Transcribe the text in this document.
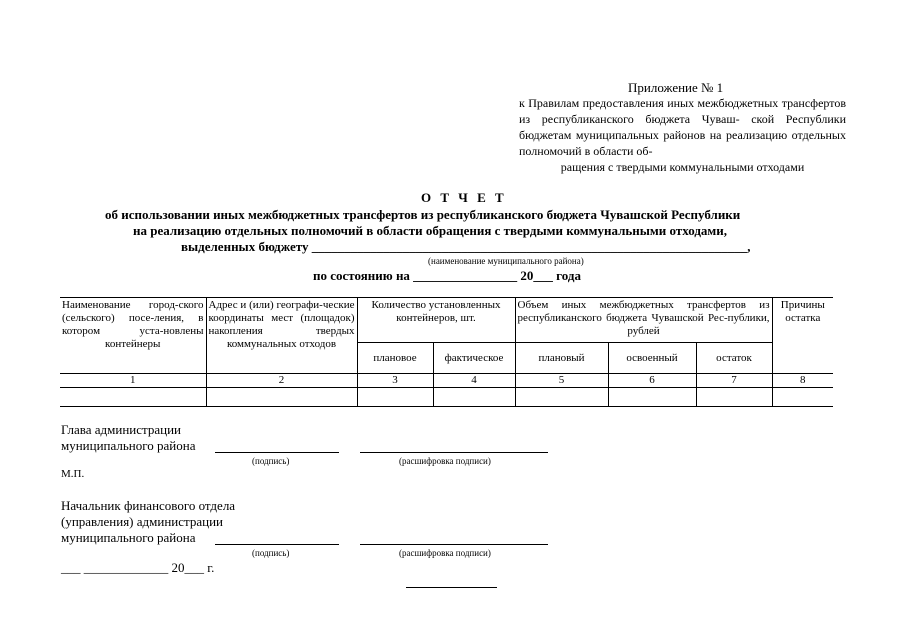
Приложение № 1
к Правилам предоставления иных межбюджетных трансфертов из республиканского бюджета Чуваш- ской Республики бюджетам муниципальных районов на реализацию отдельных полномочий в области об-
ращения с твердыми коммунальными отходами
О Т Ч Е Т
об использовании иных межбюджетных трансфертов из республиканского бюджета Чувашской Республики
на реализацию отдельных полномочий в области обращения с твердыми коммунальными отходами,
выделенных бюджету ___________________________________________________________________,
(наименование муниципального района)
по состоянию на ________________ 20___ года
Наименование город-ского (сельского) посе-ления, в котором уста-новлены контейнеры	Адрес и (или) географи-ческие координаты мест (площадок) накопления твердых коммунальных отходов	Количество установленных контейнеров, шт.		Объем иных межбюджетных трансфертов из республиканского бюджета Чувашской Рес-публики, рублей			Причины остатка
		плановое	фактическое	плановый	освоенный	остаток	
1	2	3	4	5	6	7	8

Глава администрации
муниципального района
(подпись)	(расшифровка подписи)
М.П.
Начальник финансового отдела
(управления) администрации
муниципального района
(подпись)	(расшифровка подписи)
___ _____________ 20___ г.
